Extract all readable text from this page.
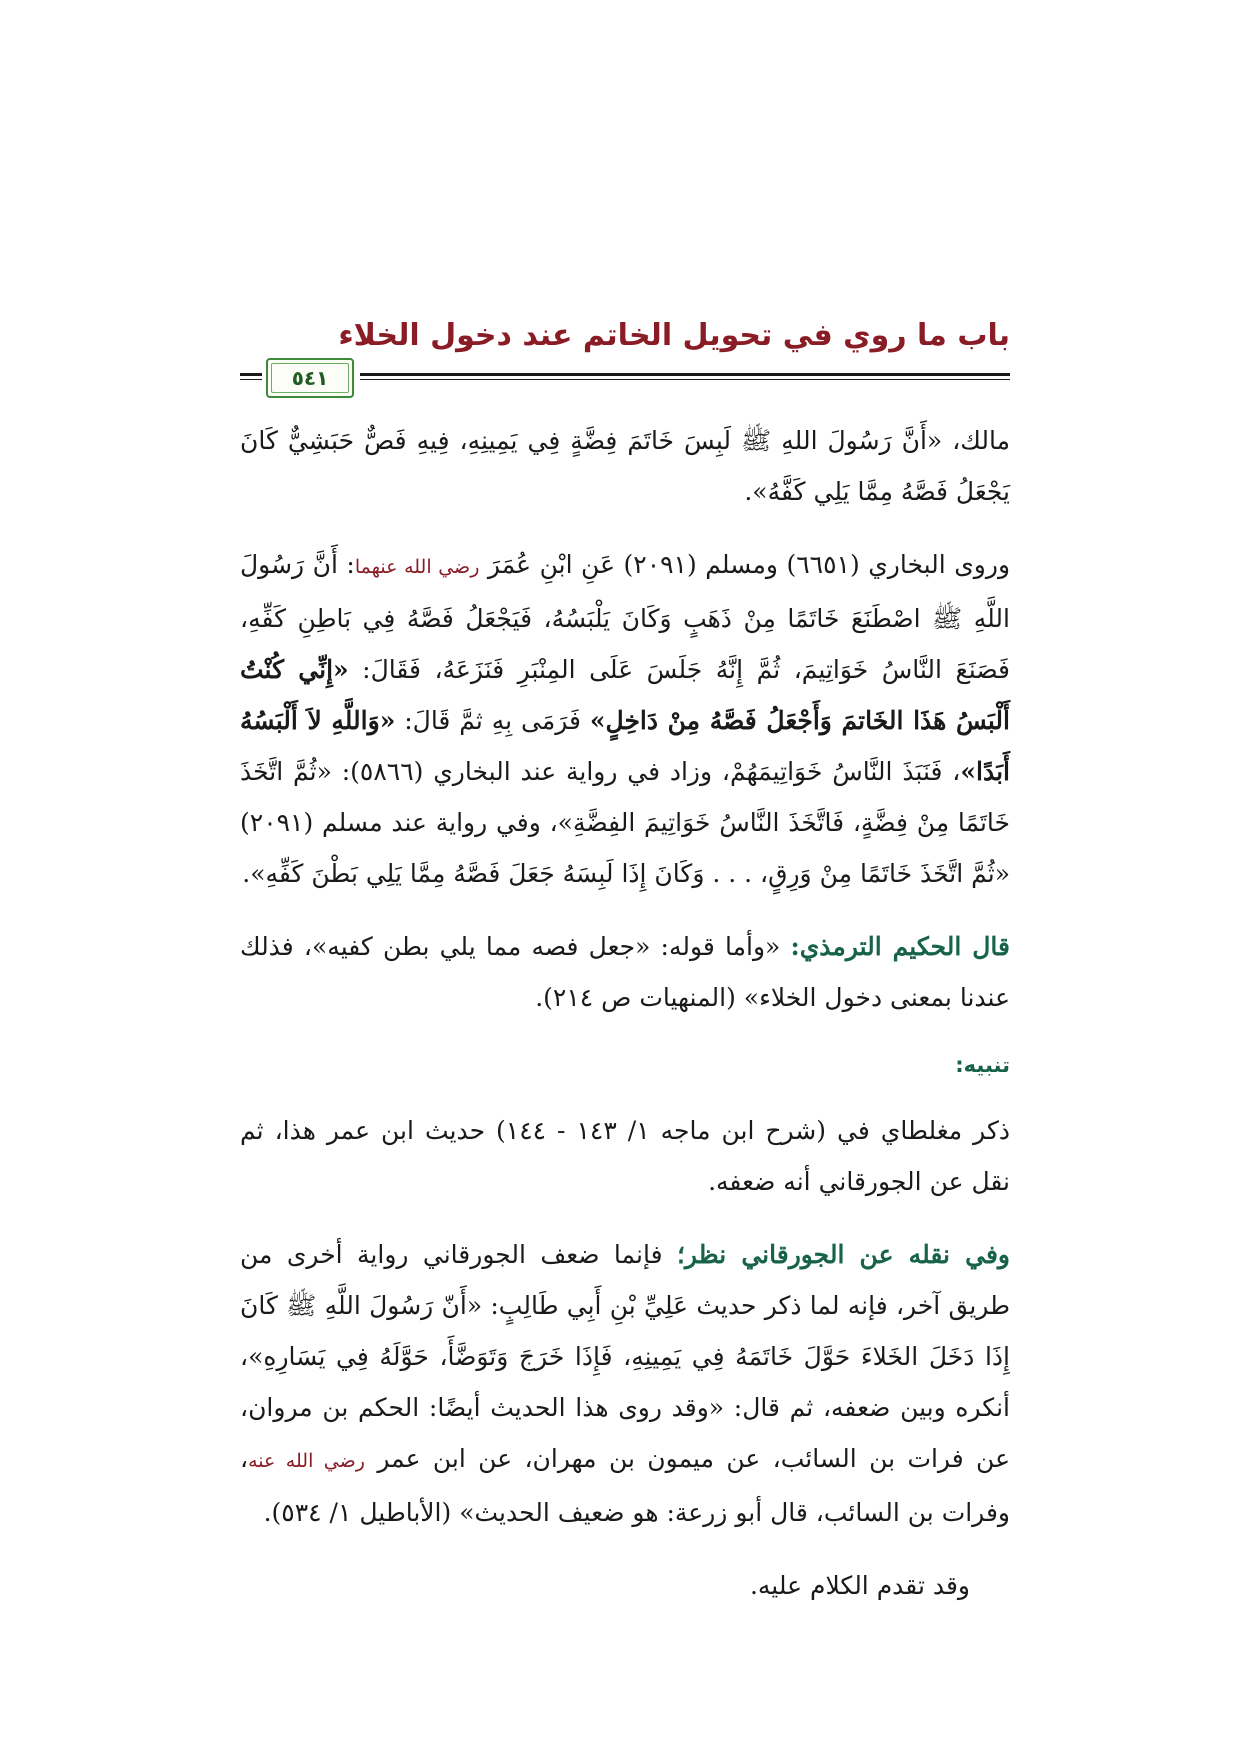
باب ما روي في تحويل الخاتم عند دخول الخلاء
٥٤١

مالك، «أَنَّ رَسُولَ اللهِ ﷺ لَبِسَ خَاتَمَ فِضَّةٍ فِي يَمِينِهِ، فِيهِ فَصٌّ حَبَشِيٌّ كَانَ يَجْعَلُ فَصَّهُ مِمَّا يَلِي كَفَّهُ».

وروى البخاري (٦٦٥١) ومسلم (٢٠٩١) عَنِ ابْنِ عُمَرَ رضي الله عنهما: أَنَّ رَسُولَ اللَّهِ ﷺ اصْطَنَعَ خَاتَمًا مِنْ ذَهَبٍ وَكَانَ يَلْبَسُهُ، فَيَجْعَلُ فَصَّهُ فِي بَاطِنِ كَفِّهِ، فَصَنَعَ النَّاسُ خَوَاتِيمَ، ثُمَّ إِنَّهُ جَلَسَ عَلَى المِنْبَرِ فَنَزَعَهُ، فَقَالَ: «إِنِّي كُنْتُ أَلْبَسُ هَذَا الخَاتمَ وَأَجْعَلُ فَصَّهُ مِنْ دَاخِلٍ» فَرَمَى بِهِ ثمَّ قَالَ: «وَاللَّهِ لاَ أَلْبَسُهُ أَبَدًا»، فَنَبَذَ النَّاسُ خَوَاتِيمَهُمْ، وزاد في رواية عند البخاري (٥٨٦٦): «ثُمَّ اتَّخَذَ خَاتَمًا مِنْ فِضَّةٍ، فَاتَّخَذَ النَّاسُ خَوَاتِيمَ الفِضَّةِ»، وفي رواية عند مسلم (٢٠٩١) «ثُمَّ اتَّخَذَ خَاتَمًا مِنْ وَرِقٍ، . . . وَكَانَ إِذَا لَبِسَهُ جَعَلَ فَصَّهُ مِمَّا يَلِي بَطْنَ كَفِّهِ».

قال الحكيم الترمذي: «وأما قوله: «جعل فصه مما يلي بطن كفيه»، فذلك عندنا بمعنى دخول الخلاء» (المنهيات ص ٢١٤).

تنبيه:

ذكر مغلطاي في (شرح ابن ماجه ١/ ١٤٣ - ١٤٤) حديث ابن عمر هذا، ثم نقل عن الجورقاني أنه ضعفه.

وفي نقله عن الجورقاني نظر؛ فإنما ضعف الجورقاني رواية أخرى من طريق آخر، فإنه لما ذكر حديث عَلِيِّ بْنِ أَبِي طَالِبٍ: «أَنّ رَسُولَ اللَّهِ ﷺ كَانَ إِذَا دَخَلَ الخَلاءَ حَوَّلَ خَاتَمَهُ فِي يَمِينِهِ، فَإِذَا خَرَجَ وَتَوَضَّأَ، حَوَّلَهُ فِي يَسَارِهِ»، أنكره وبين ضعفه، ثم قال: «وقد روى هذا الحديث أيضًا: الحكم بن مروان، عن فرات بن السائب، عن ميمون بن مهران، عن ابن عمر رضي الله عنه، وفرات بن السائب، قال أبو زرعة: هو ضعيف الحديث» (الأباطيل ١/ ٥٣٤).

وقد تقدم الكلام عليه.
